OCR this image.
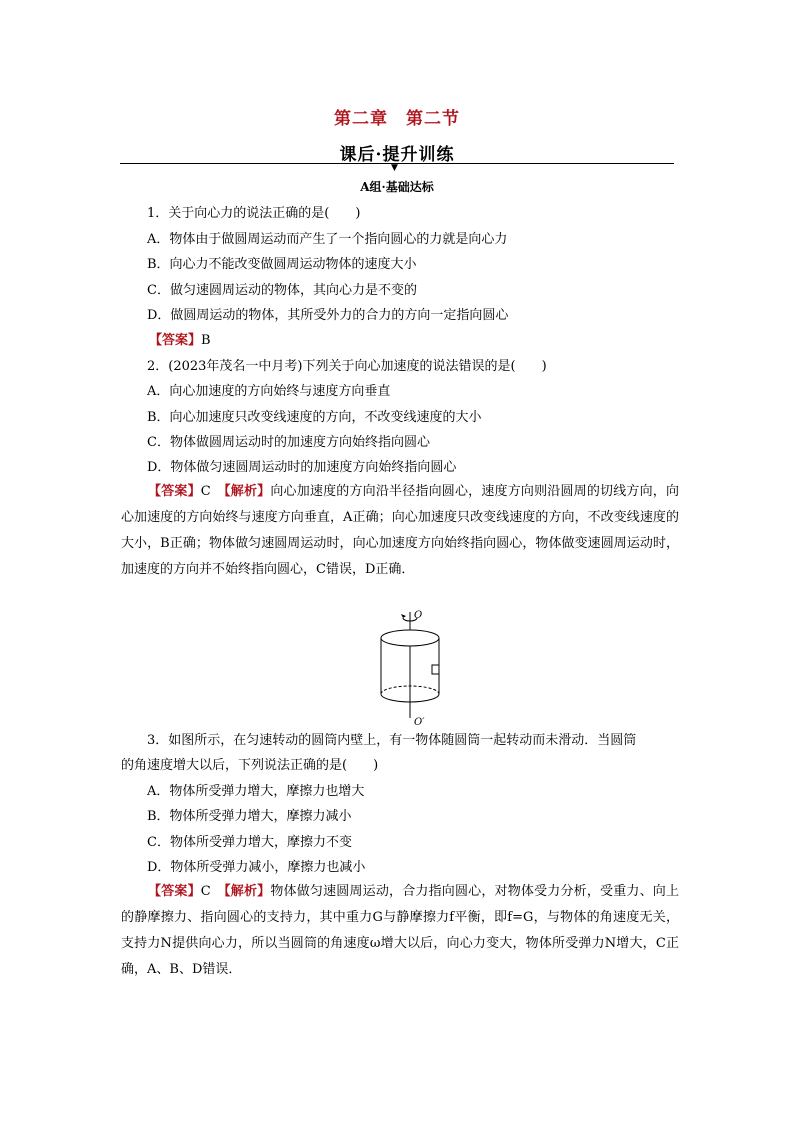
第二章　第二节
课后·提升训练
▼
A组·基础达标
1．关于向心力的说法正确的是(　　)
A．物体由于做圆周运动而产生了一个指向圆心的力就是向心力
B．向心力不能改变做圆周运动物体的速度大小
C．做匀速圆周运动的物体，其向心力是不变的
D．做圆周运动的物体，其所受外力的合力的方向一定指向圆心
【答案】B
2．(2023年茂名一中月考)下列关于向心加速度的说法错误的是(　　)
A．向心加速度的方向始终与速度方向垂直
B．向心加速度只改变线速度的方向，不改变线速度的大小
C．物体做圆周运动时的加速度方向始终指向圆心
D．物体做匀速圆周运动时的加速度方向始终指向圆心
【答案】C　【解析】向心加速度的方向沿半径指向圆心，速度方向则沿圆周的切线方向，向心加速度的方向始终与速度方向垂直，A正确；向心加速度只改变线速度的方向，不改变线速度的大小，B正确；物体做匀速圆周运动时，向心加速度方向始终指向圆心，物体做变速圆周运动时，加速度的方向并不始终指向圆心，C错误，D正确．
O
O′
3．如图所示，在匀速转动的圆筒内壁上，有一物体随圆筒一起转动而未滑动．当圆筒
的角速度增大以后，下列说法正确的是(　　)
A．物体所受弹力增大，摩擦力也增大
B．物体所受弹力增大，摩擦力减小
C．物体所受弹力增大，摩擦力不变
D．物体所受弹力减小，摩擦力也减小
【答案】C　【解析】物体做匀速圆周运动，合力指向圆心，对物体受力分析，受重力、向上的静摩擦力、指向圆心的支持力，其中重力G与静摩擦力f平衡，即f=G，与物体的角速度无关，支持力N提供向心力，所以当圆筒的角速度ω增大以后，向心力变大，物体所受弹力N增大，C正确，A、B、D错误．
